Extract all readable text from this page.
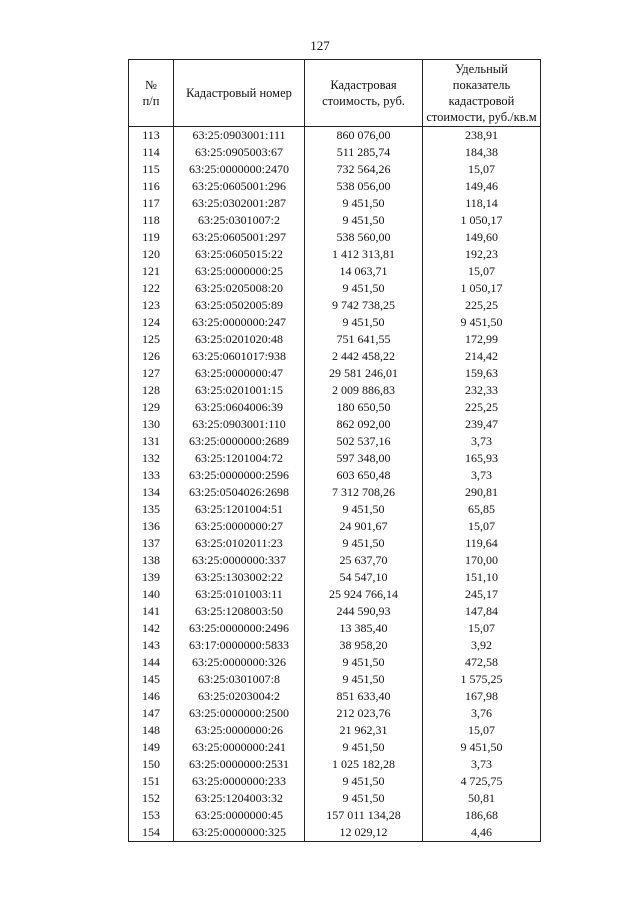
127
№
п/п	Кадастровый номер	Кадастровая стоимость, руб.	Удельный показатель кадастровой стоимости, руб./кв.м
113	63:25:0903001:111	860 076,00	238,91
114	63:25:0905003:67	511 285,74	184,38
115	63:25:0000000:2470	732 564,26	15,07
116	63:25:0605001:296	538 056,00	149,46
117	63:25:0302001:287	9 451,50	118,14
118	63:25:0301007:2	9 451,50	1 050,17
119	63:25:0605001:297	538 560,00	149,60
120	63:25:0605015:22	1 412 313,81	192,23
121	63:25:0000000:25	14 063,71	15,07
122	63:25:0205008:20	9 451,50	1 050,17
123	63:25:0502005:89	9 742 738,25	225,25
124	63:25:0000000:247	9 451,50	9 451,50
125	63:25:0201020:48	751 641,55	172,99
126	63:25:0601017:938	2 442 458,22	214,42
127	63:25:0000000:47	29 581 246,01	159,63
128	63:25:0201001:15	2 009 886,83	232,33
129	63:25:0604006:39	180 650,50	225,25
130	63:25:0903001:110	862 092,00	239,47
131	63:25:0000000:2689	502 537,16	3,73
132	63:25:1201004:72	597 348,00	165,93
133	63:25:0000000:2596	603 650,48	3,73
134	63:25:0504026:2698	7 312 708,26	290,81
135	63:25:1201004:51	9 451,50	65,85
136	63:25:0000000:27	24 901,67	15,07
137	63:25:0102011:23	9 451,50	119,64
138	63:25:0000000:337	25 637,70	170,00
139	63:25:1303002:22	54 547,10	151,10
140	63:25:0101003:11	25 924 766,14	245,17
141	63:25:1208003:50	244 590,93	147,84
142	63:25:0000000:2496	13 385,40	15,07
143	63:17:0000000:5833	38 958,20	3,92
144	63:25:0000000:326	9 451,50	472,58
145	63:25:0301007:8	9 451,50	1 575,25
146	63:25:0203004:2	851 633,40	167,98
147	63:25:0000000:2500	212 023,76	3,76
148	63:25:0000000:26	21 962,31	15,07
149	63:25:0000000:241	9 451,50	9 451,50
150	63:25:0000000:2531	1 025 182,28	3,73
151	63:25:0000000:233	9 451,50	4 725,75
152	63:25:1204003:32	9 451,50	50,81
153	63:25:0000000:45	157 011 134,28	186,68
154	63:25:0000000:325	12 029,12	4,46
